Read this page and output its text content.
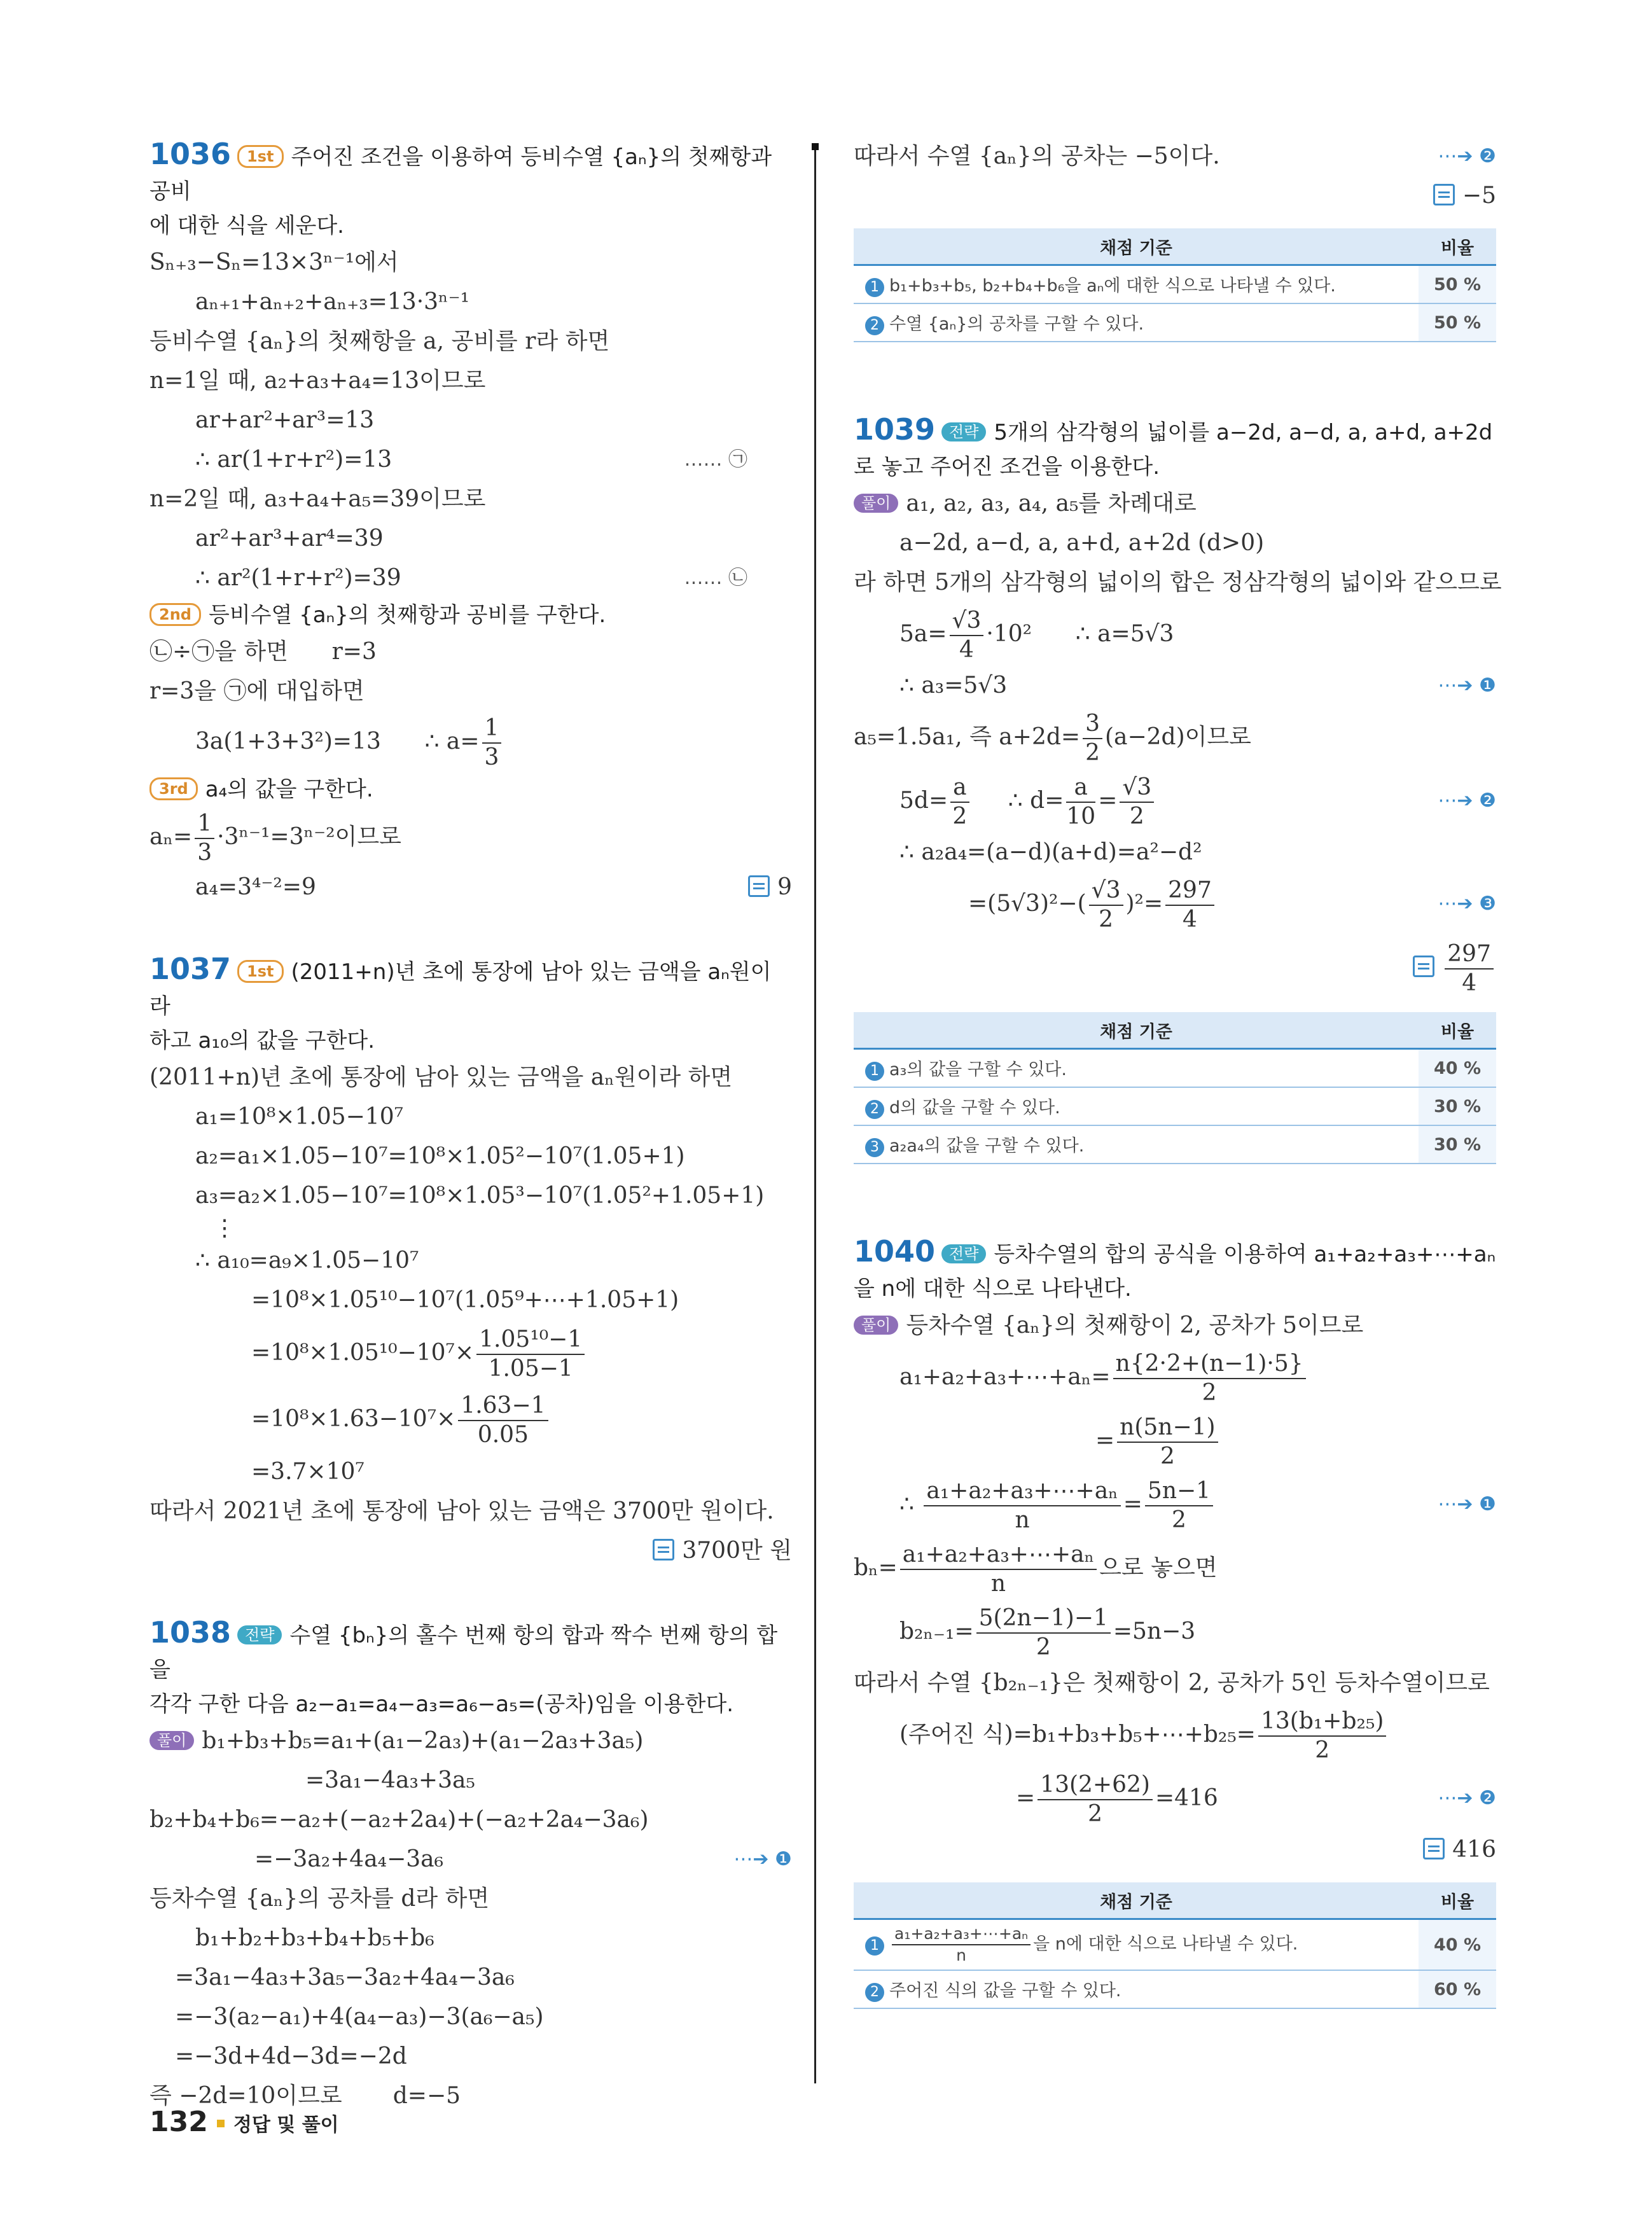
1036 1st 주어진 조건을 이용하여 등비수열 {aₙ}의 첫째항과 공비
에 대한 식을 세운다.
Sₙ₊₃−Sₙ=13×3ⁿ⁻¹에서
aₙ₊₁+aₙ₊₂+aₙ₊₃=13·3ⁿ⁻¹
등비수열 {aₙ}의 첫째항을 a, 공비를 r라 하면
n=1일 때, a₂+a₃+a₄=13이므로
ar+ar²+ar³=13
∴ ar(1+r+r²)=13	…… ㉠
n=2일 때, a₃+a₄+a₅=39이므로
ar²+ar³+ar⁴=39
∴ ar²(1+r+r²)=39	…… ㉡
2nd 등비수열 {aₙ}의 첫째항과 공비를 구한다.
㉡÷㉠을 하면      r=3
r=3을 ㉠에 대입하면
3a(1+3+3²)=13      ∴ $a= \frac{1}{3}$
3rd a₄의 값을 구한다.
$a_n= \frac{1}{3} \cdot 3^{n-1}=3^{n-2}$이므로
a₄=3⁴⁻²=9	9
1037 1st (2011+n)년 초에 통장에 남아 있는 금액을 aₙ원이라
하고 a₁₀의 값을 구한다.
(2011+n)년 초에 통장에 남아 있는 금액을 aₙ원이라 하면
a₁=10⁸×1.05−10⁷
a₂=a₁×1.05−10⁷=10⁸×1.05²−10⁷(1.05+1)
a₃=a₂×1.05−10⁷=10⁸×1.05³−10⁷(1.05²+1.05+1)
⋮
∴ a₁₀=a₉×1.05−10⁷
=10⁸×1.05¹⁰−10⁷(1.05⁹+⋯+1.05+1)
$=10^8\times 1.05^{10}-10^7\times \frac{\text{1.05¹⁰−1}}{1.05-1}$
$=10^8\times 1.63-10^7\times \frac{1.63-1}{0.05}$
=3.7×10⁷
따라서 2021년 초에 통장에 남아 있는 금액은 3700만 원이다.
3700만 원
1038 전략 수열 {bₙ}의 홀수 번째 항의 합과 짝수 번째 항의 합을
각각 구한 다음 a₂−a₁=a₄−a₃=a₆−a₅=(공차)임을 이용한다.
풀이 b₁+b₃+b₅=a₁+(a₁−2a₃)+(a₁−2a₃+3a₅)
=3a₁−4a₃+3a₅
b₂+b₄+b₆=−a₂+(−a₂+2a₄)+(−a₂+2a₄−3a₆)
=−3a₂+4a₄−3a₆	⋯➔ ❶
등차수열 {aₙ}의 공차를 d라 하면
b₁+b₂+b₃+b₄+b₅+b₆
=3a₁−4a₃+3a₅−3a₂+4a₄−3a₆
=−3(a₂−a₁)+4(a₄−a₃)−3(a₆−a₅)
=−3d+4d−3d=−2d
즉 −2d=10이므로       d=−5
따라서 수열 {aₙ}의 공차는 −5이다.	⋯➔ ❷
−5
채점 기준	비율
1 b₁+b₃+b₅, b₂+b₄+b₆을 aₙ에 대한 식으로 나타낼 수 있다.	50 %
2 수열 {aₙ}의 공차를 구할 수 있다.	50 %
1039 전략 5개의 삼각형의 넓이를 a−2d, a−d, a, a+d, a+2d
로 놓고 주어진 조건을 이용한다.
풀이 a₁, a₂, a₃, a₄, a₅를 차례대로
a−2d, a−d, a, a+d, a+2d (d>0)
라 하면 5개의 삼각형의 넓이의 합은 정삼각형의 넓이와 같으므로
$5a= \frac{√3}{4} \cdot 10^2$      ∴ a=5√3
∴ a₃=5√3	⋯➔ ❶
a₅=1.5a₁, 즉 $a+2d= \frac{3}{2} (a-2d)$이므로
$5d= \frac{a}{2}$ ∴ $d= \frac{a}{10} = \frac{√3}{2}$	⋯➔ ❷
∴ a₂a₄=(a−d)(a+d)=a²−d²
$=(5√3)^2-( \frac{√3}{2} )^2= \frac{297}{4}$	⋯➔ ❸
$\frac{297}{4}$
채점 기준	비율
1 a₃의 값을 구할 수 있다.	40 %
2 d의 값을 구할 수 있다.	30 %
3 a₂a₄의 값을 구할 수 있다.	30 %
1040 전략 등차수열의 합의 공식을 이용하여 a₁+a₂+a₃+⋯+aₙ
을 n에 대한 식으로 나타낸다.
풀이 등차수열 {aₙ}의 첫째항이 2, 공차가 5이므로
a₁+a₂+a₃+⋯+aₙ= $\frac{n\{2\cdot 2+(n-1)\cdot 5\}}{2}$
= $\frac{n(5n-1)}{2}$
∴ $\frac{\text{a₁+a₂+a₃+⋯+aₙ}}{n} = \frac{5n-1}{2}$	⋯➔ ❶
$b_n= \frac{\text{a₁+a₂+a₃+⋯+aₙ}}{n}$ 으로 놓으면
$b_{2n-1}= \frac{5(2n-1)-1}{2} =5n-3$
따라서 수열 {b₂ₙ₋₁}은 첫째항이 2, 공차가 5인 등차수열이므로
(주어진 식)=b₁+b₃+b₅+⋯+b₂₅= $\frac{\text{13(b₁+b₂₅)}}{2}$
= $\frac{13(2+62)}{2} =416$	⋯➔ ❷
416
채점 기준	비율
$1 \frac{\text{a₁+a₂+a₃+⋯+aₙ}}{n}$ 을 n에 대한 식으로 나타낼 수 있다.	40 %
2 주어진 식의 값을 구할 수 있다.	60 %
132 정답 및 풀이
